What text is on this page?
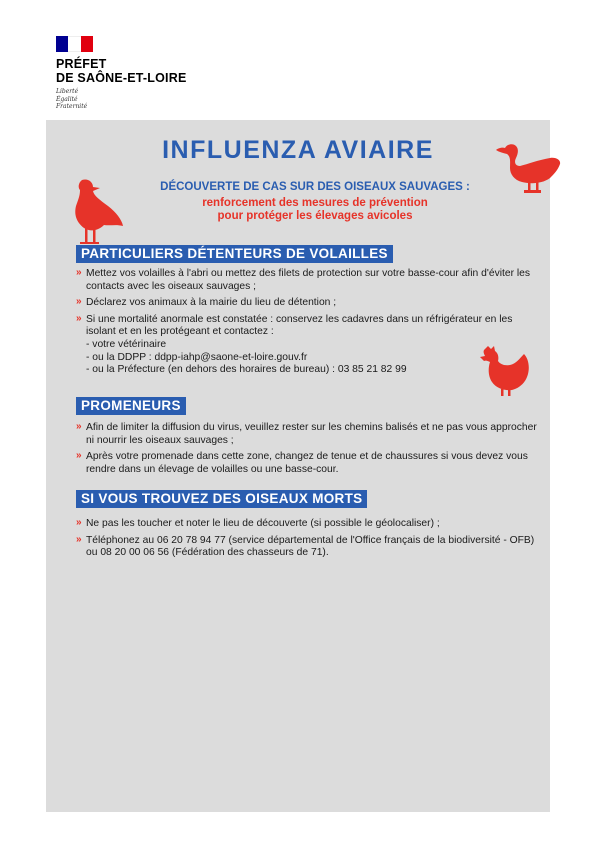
PRÉFET
DE SAÔNE-ET-LOIRE
Liberté
Égalité
Fraternité
INFLUENZA AVIAIRE
DÉCOUVERTE DE CAS SUR DES OISEAUX SAUVAGES :
renforcement des mesures de prévention
pour protéger les élevages avicoles
PARTICULIERS DÉTENTEURS DE VOLAILLES
» Mettez vos volailles à l'abri ou mettez des filets de protection sur votre basse-cour afin d'éviter les contacts avec les oiseaux sauvages ;
» Déclarez vos animaux à la mairie du lieu de détention ;
» Si une mortalité anormale est constatée : conservez les cadavres dans un réfrigérateur en les isolant et en les protégeant et contactez :
- votre vétérinaire
- ou la DDPP : ddpp-iahp@saone-et-loire.gouv.fr
- ou la Préfecture (en dehors des horaires de bureau) : 03 85 21 82 99
PROMENEURS
» Afin de limiter la diffusion du virus, veuillez rester sur les chemins balisés et ne pas vous approcher ni nourrir les oiseaux sauvages ;
» Après votre promenade dans cette zone, changez de tenue et de chaussures si vous devez vous rendre dans un élevage de volailles ou une basse-cour.
SI VOUS TROUVEZ DES OISEAUX MORTS
» Ne pas les toucher et noter le lieu de découverte (si possible le géolocaliser) ;
» Téléphonez au 06 20 78 94 77 (service départemental de l'Office français de la biodiversité - OFB) ou 08 20 00 06 56 (Fédération des chasseurs de 71).
